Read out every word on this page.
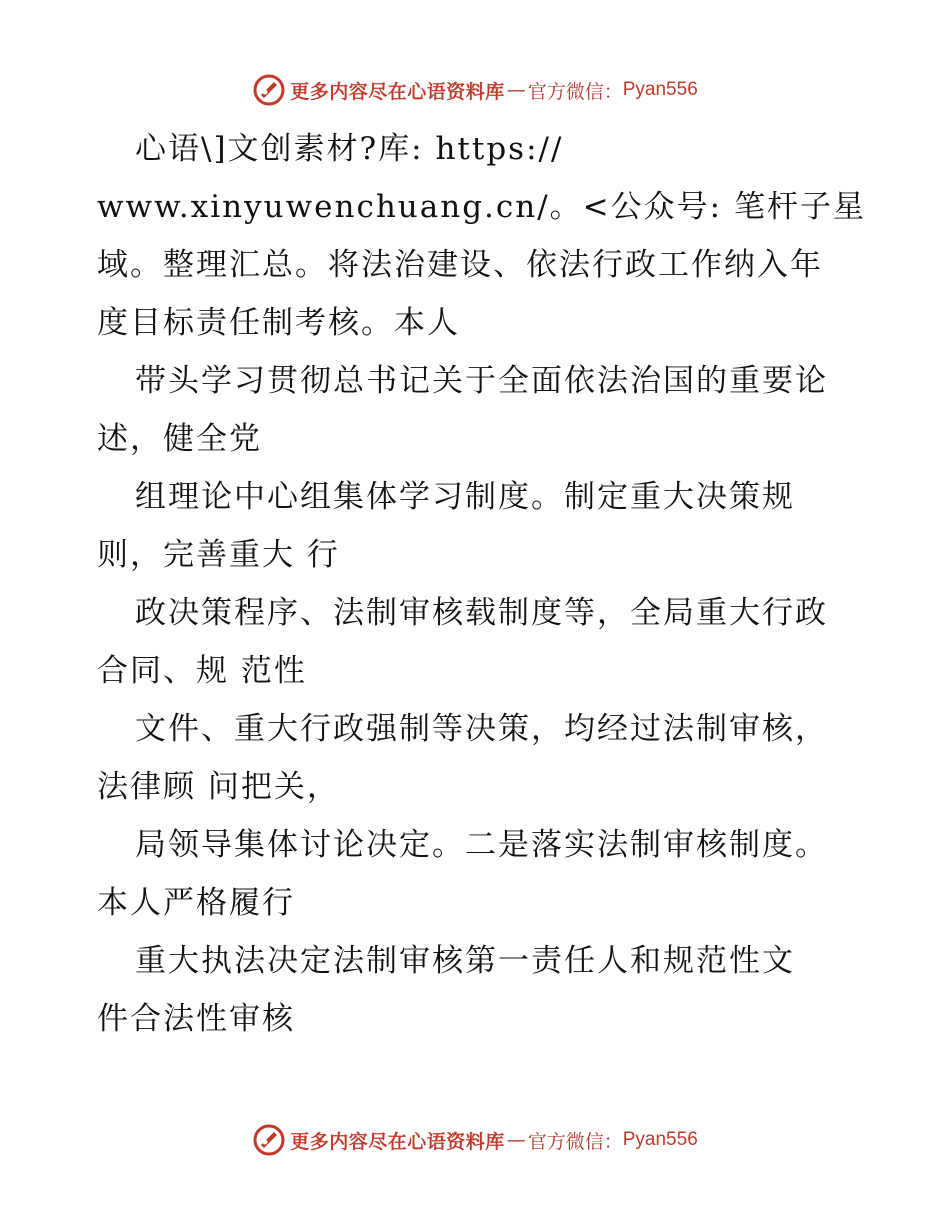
更多内容尽在心语资料库 — 官方微信： Pyan556
心语\]文创素材?库: https://
www.xinyuwenchuang.cn/。<公众号: 笔杆子星
域。整理汇总。将法治建设、依法行政工作纳入年
度目标责任制考核。本人
带头学习贯彻总书记关于全面依法治国的重要论
述，健全党
组理论中心组集体学习制度。制定重大决策规
则，完善重大 行
政决策程序、法制审核载制度等，全局重大行政
合同、规 范性
文件、重大行政强制等决策，均经过法制审核，
法律顾 问把关，
局领导集体讨论决定。二是落实法制审核制度。
本人严格履行
重大执法决定法制审核第一责任人和规范性文
件合法性审核
更多内容尽在心语资料库 — 官方微信： Pyan556
